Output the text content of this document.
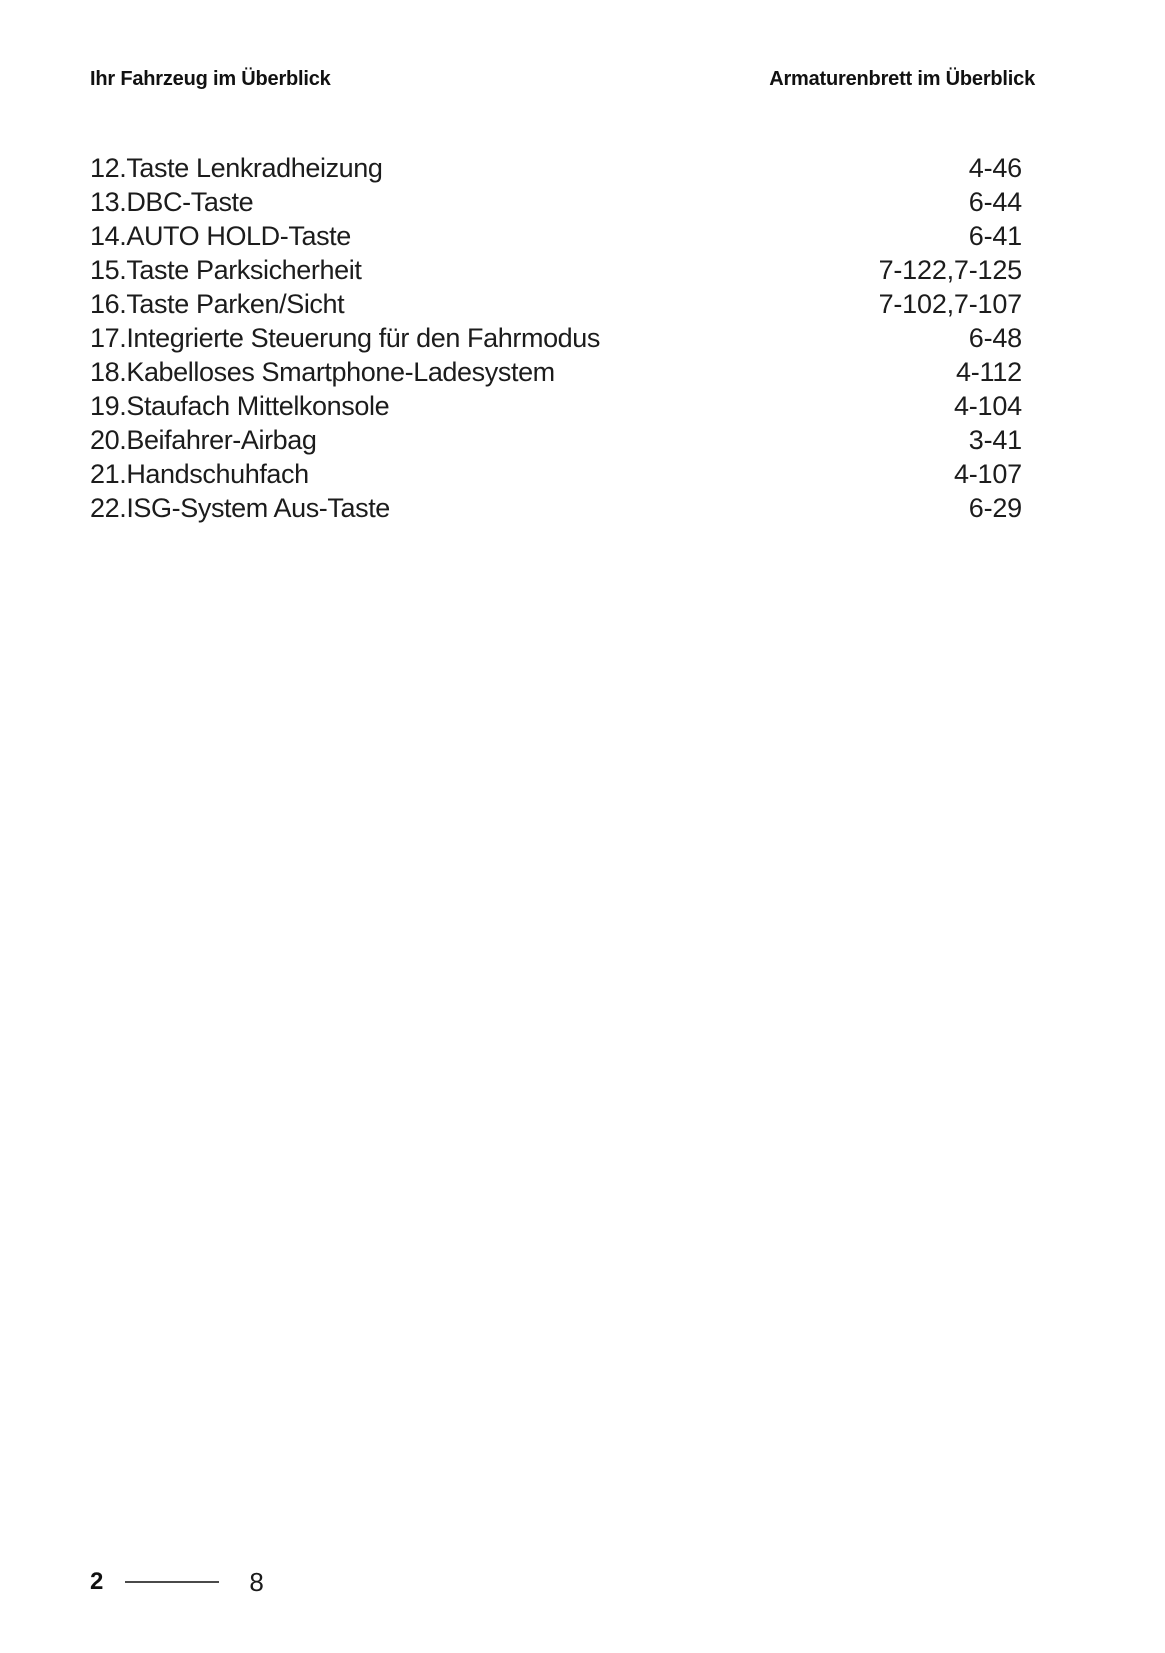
Ihr Fahrzeug im Überblick	Armaturenbrett im Überblick
12.Taste Lenkradheizung	4-46
13.DBC-Taste	6-44
14.AUTO HOLD-Taste	6-41
15.Taste Parksicherheit	7-122,7-125
16.Taste Parken/Sicht	7-102,7-107
17.Integrierte Steuerung für den Fahrmodus	6-48
18.Kabelloses Smartphone-Ladesystem	4-112
19.Staufach Mittelkonsole	4-104
20.Beifahrer-Airbag	3-41
21.Handschuhfach	4-107
22.ISG-System Aus-Taste	6-29
2	8
